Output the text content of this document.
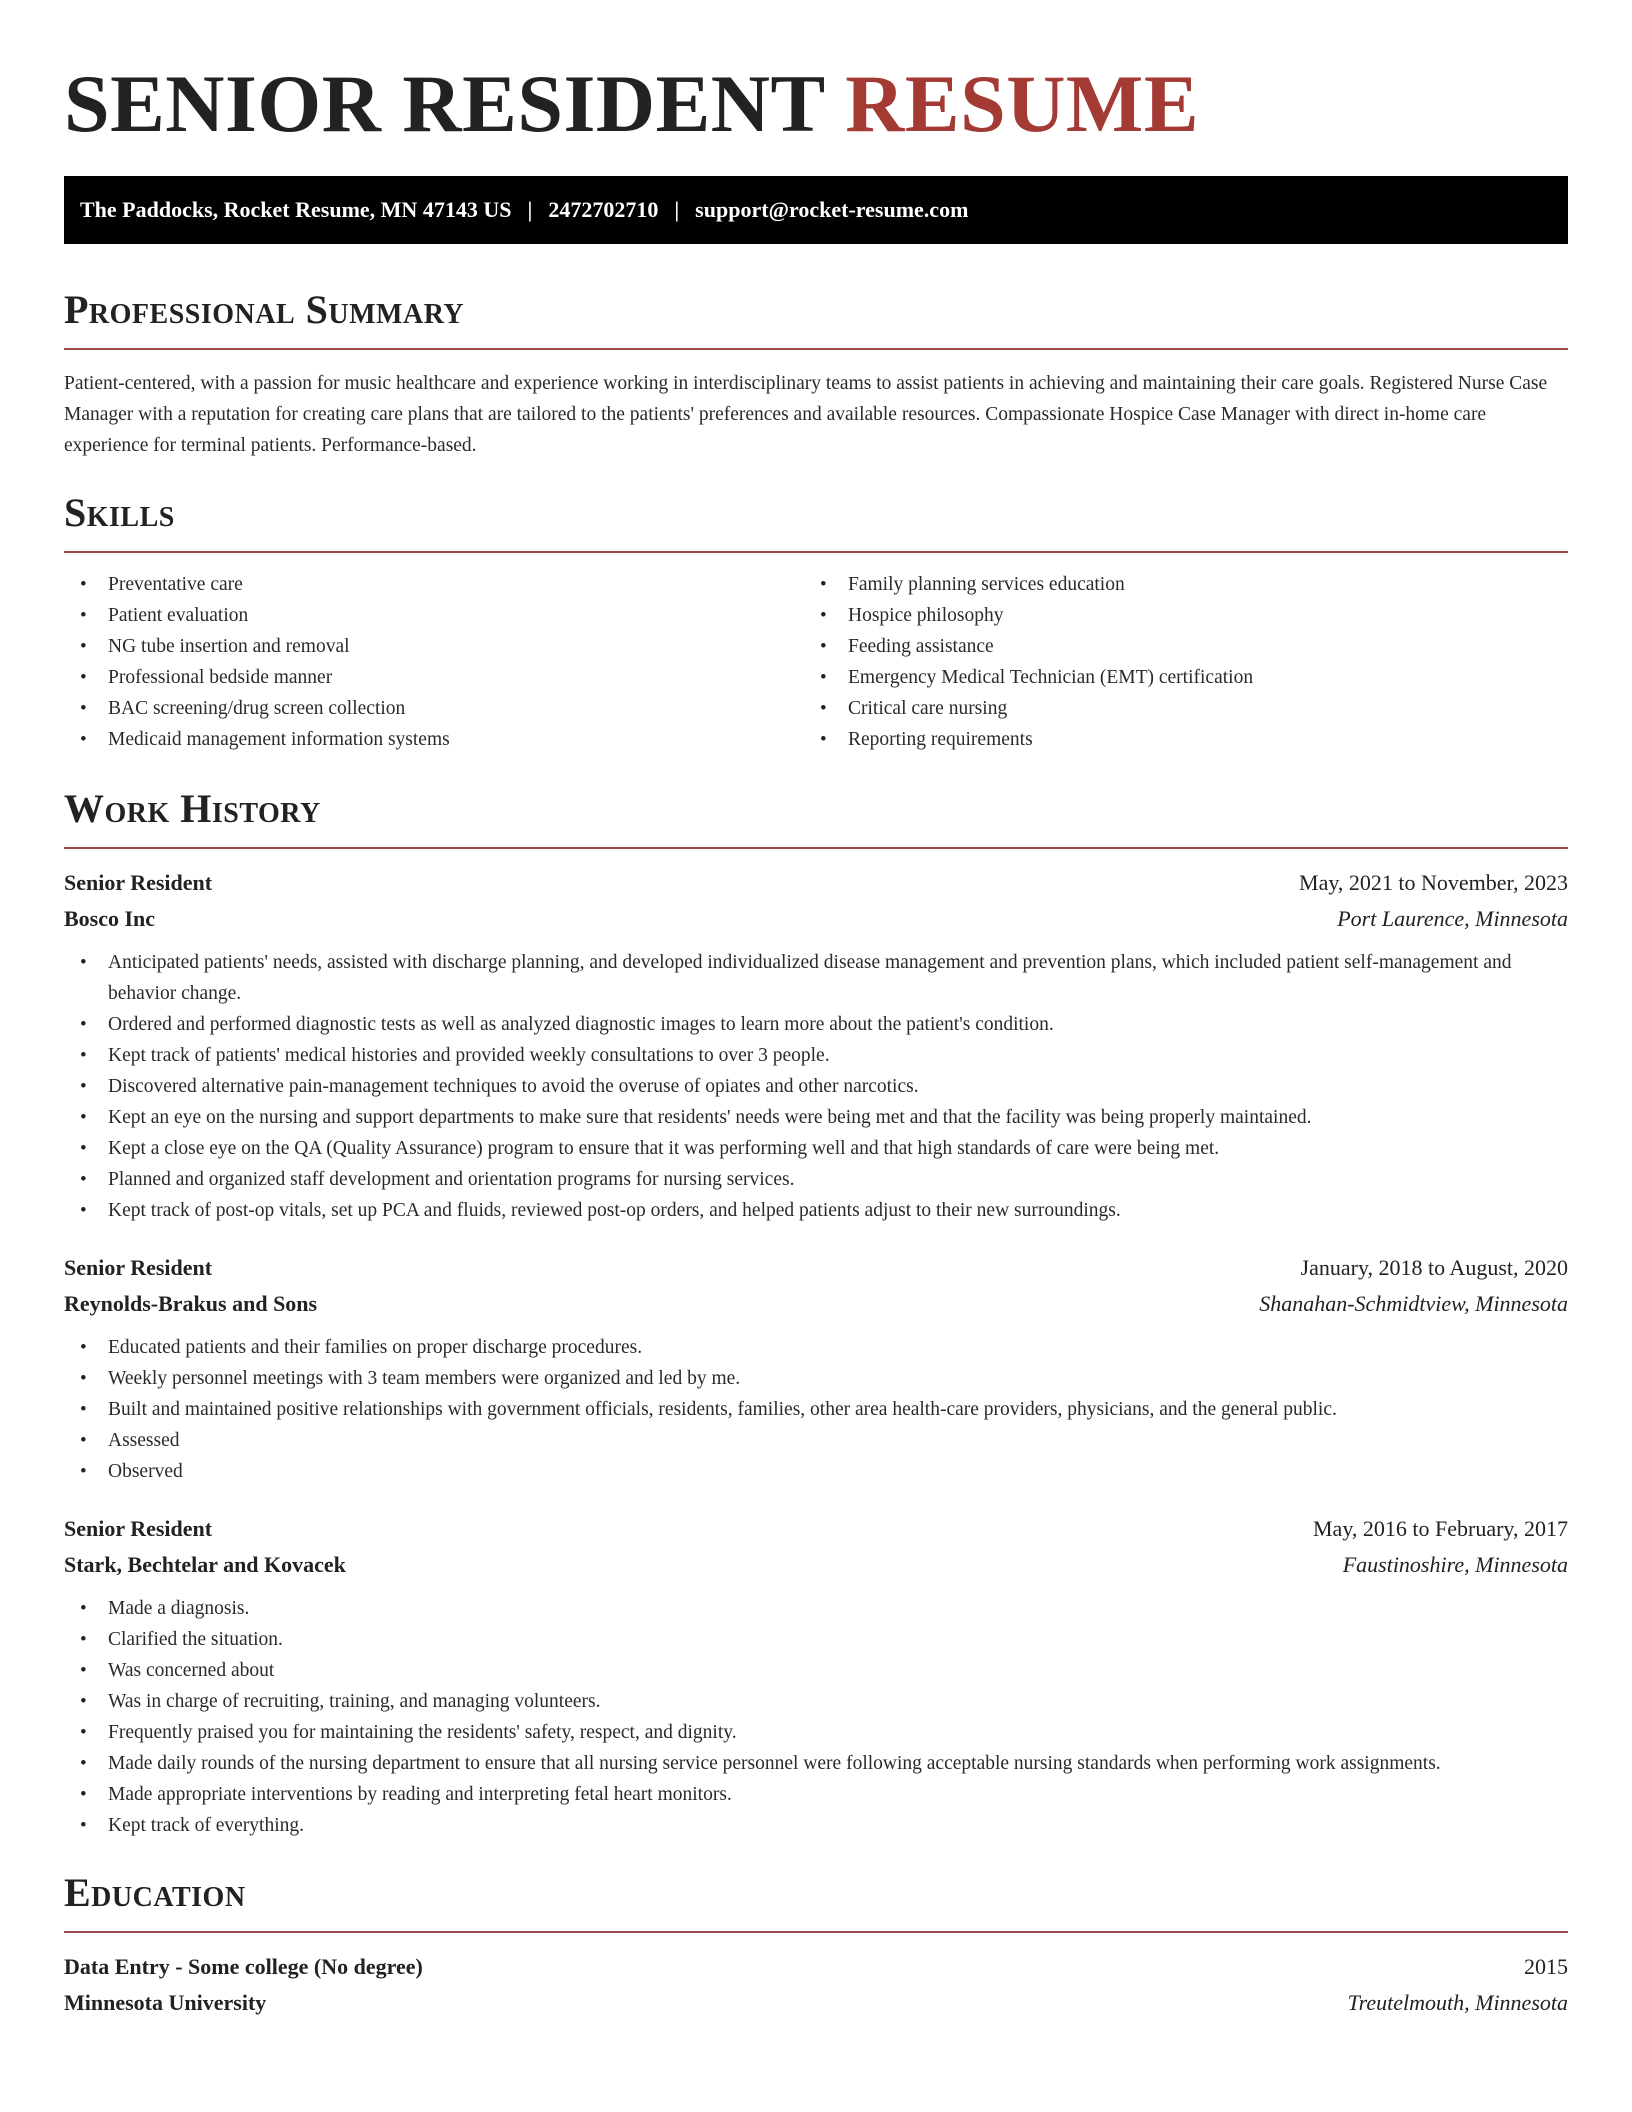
SENIOR RESIDENT RESUME
The Paddocks, Rocket Resume, MN 47143 US | 2472702710 | support@rocket-resume.com
Professional Summary

Patient-centered, with a passion for music healthcare and experience working in interdisciplinary teams to assist patients in achieving and maintaining their care goals. Registered Nurse Case Manager with a reputation for creating care plans that are tailored to the patients' preferences and available resources. Compassionate Hospice Case Manager with direct in-home care experience for terminal patients. Performance-based.

Skills
• Preventative care
• Patient evaluation
• NG tube insertion and removal
• Professional bedside manner
• BAC screening/drug screen collection
• Medicaid management information systems
• Family planning services education
• Hospice philosophy
• Feeding assistance
• Emergency Medical Technician (EMT) certification
• Critical care nursing
• Reporting requirements
Work History
Senior Resident	May, 2021 to November, 2023
Bosco Inc	Port Laurence, Minnesota
• Anticipated patients' needs, assisted with discharge planning, and developed individualized disease management and prevention plans, which included patient self-management and behavior change.
• Ordered and performed diagnostic tests as well as analyzed diagnostic images to learn more about the patient's condition.
• Kept track of patients' medical histories and provided weekly consultations to over 3 people.
• Discovered alternative pain-management techniques to avoid the overuse of opiates and other narcotics.
• Kept an eye on the nursing and support departments to make sure that residents' needs were being met and that the facility was being properly maintained.
• Kept a close eye on the QA (Quality Assurance) program to ensure that it was performing well and that high standards of care were being met.
• Planned and organized staff development and orientation programs for nursing services.
• Kept track of post-op vitals, set up PCA and fluids, reviewed post-op orders, and helped patients adjust to their new surroundings.
Senior Resident	January, 2018 to August, 2020
Reynolds-Brakus and Sons	Shanahan-Schmidtview, Minnesota
• Educated patients and their families on proper discharge procedures.
• Weekly personnel meetings with 3 team members were organized and led by me.
• Built and maintained positive relationships with government officials, residents, families, other area health-care providers, physicians, and the general public.
• Assessed
• Observed
Senior Resident	May, 2016 to February, 2017
Stark, Bechtelar and Kovacek	Faustinoshire, Minnesota
• Made a diagnosis.
• Clarified the situation.
• Was concerned about
• Was in charge of recruiting, training, and managing volunteers.
• Frequently praised you for maintaining the residents' safety, respect, and dignity.
• Made daily rounds of the nursing department to ensure that all nursing service personnel were following acceptable nursing standards when performing work assignments.
• Made appropriate interventions by reading and interpreting fetal heart monitors.
• Kept track of everything.
Education
Data Entry - Some college (No degree)	2015
Minnesota University	Treutelmouth, Minnesota
